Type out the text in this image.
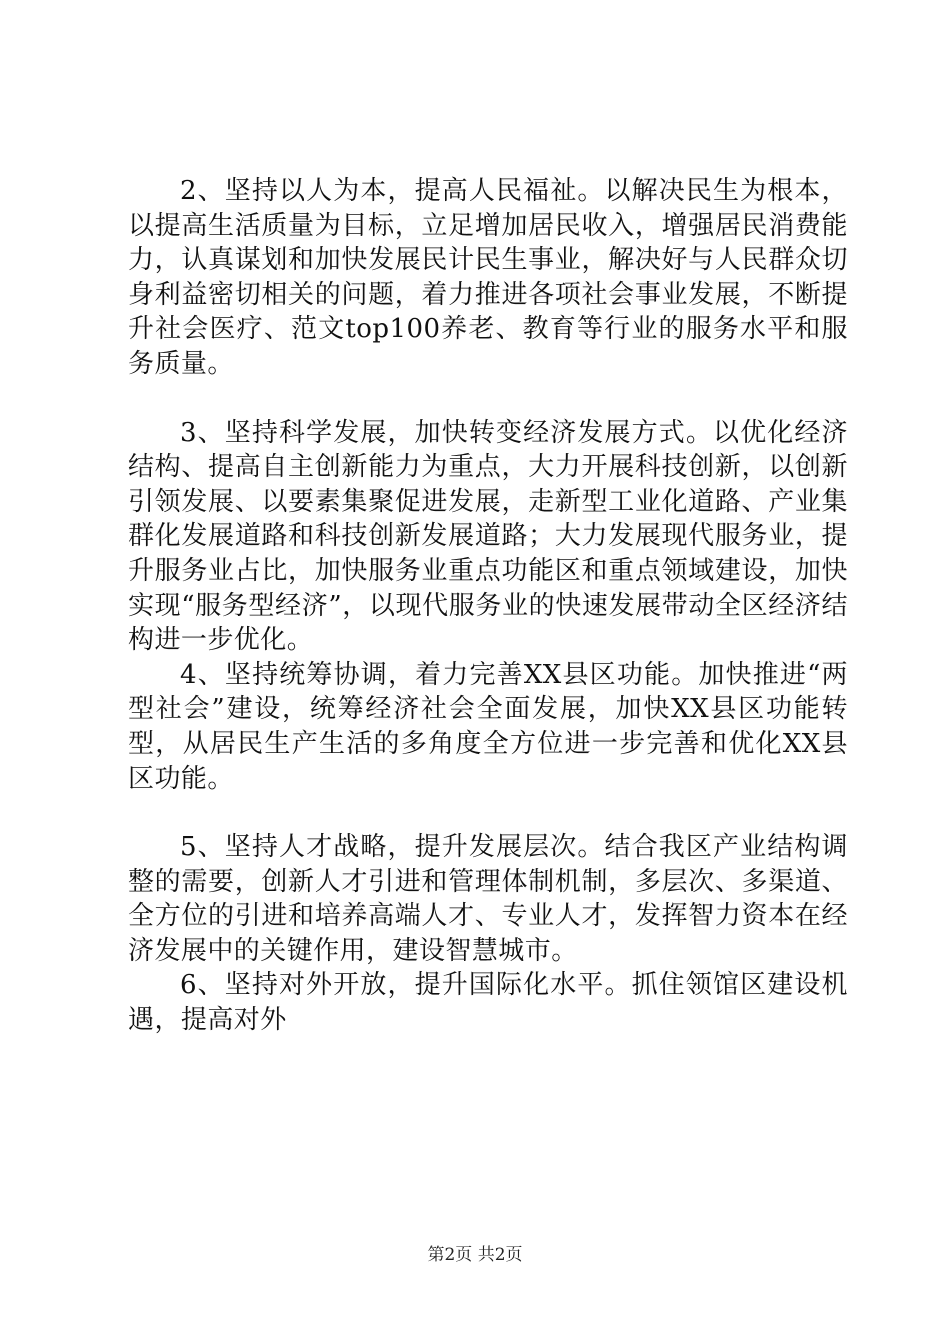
2、坚持以人为本，提高人民福祉。以解决民生为根本，以提高生活质量为目标，立足增加居民收入，增强居民消费能力，认真谋划和加快发展民计民生事业，解决好与人民群众切身利益密切相关的问题，着力推进各项社会事业发展，不断提升社会医疗、范文top100养老、教育等行业的服务水平和服务质量。

3、坚持科学发展，加快转变经济发展方式。以优化经济结构、提高自主创新能力为重点，大力开展科技创新，以创新引领发展、以要素集聚促进发展，走新型工业化道路、产业集群化发展道路和科技创新发展道路；大力发展现代服务业，提升服务业占比，加快服务业重点功能区和重点领域建设，加快实现“服务型经济”，以现代服务业的快速发展带动全区经济结构进一步优化。

4、坚持统筹协调，着力完善XX县区功能。加快推进“两型社会”建设，统筹经济社会全面发展，加快XX县区功能转型，从居民生产生活的多角度全方位进一步完善和优化XX县区功能。

5、坚持人才战略，提升发展层次。结合我区产业结构调整的需要，创新人才引进和管理体制机制，多层次、多渠道、全方位的引进和培养高端人才、专业人才，发挥智力资本在经济发展中的关键作用，建设智慧城市。

6、坚持对外开放，提升国际化水平。抓住领馆区建设机遇，提高对外

第2页 共2页
